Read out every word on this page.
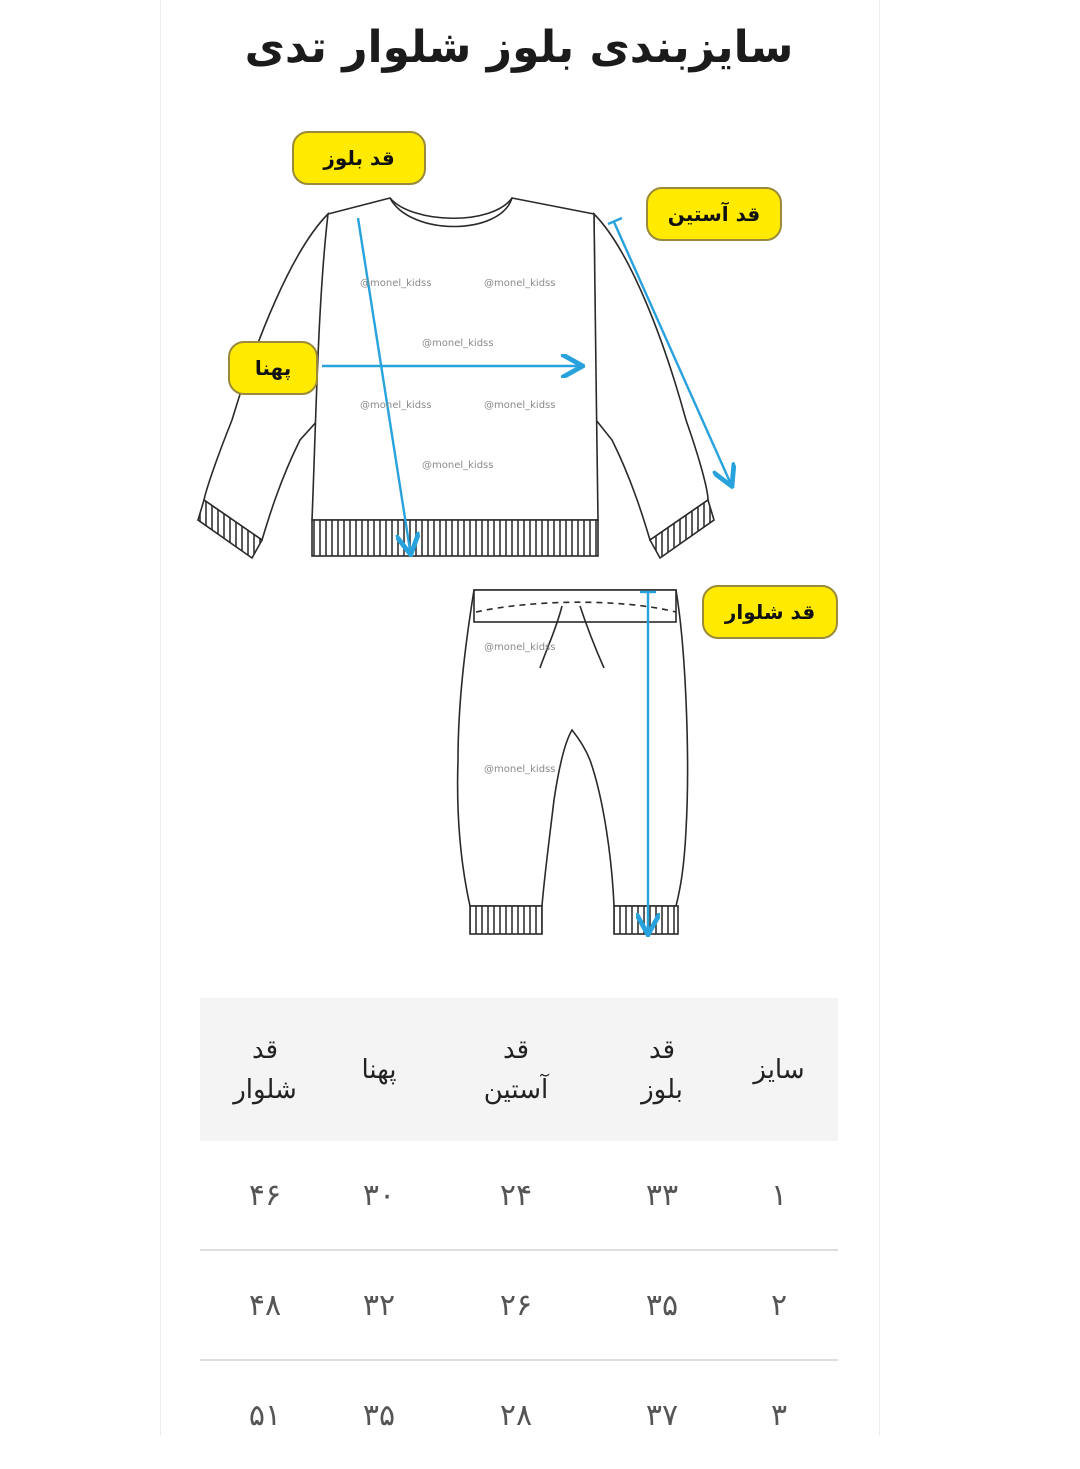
سایزبندی بلوز شلوار تدی
@monel_kidss	@monel_kidss
@monel_kidss
@monel_kidss	@monel_kidss
@monel_kidss
@monel_kidss
@monel_kidss
قد بلوز
قد آستین
پهنا
قد شلوار
سایز
قد
بلوز
قد
آستین
پهنا
قد
شلوار
۱
۳۳
۲۴
۳۰
۴۶
۲
۳۵
۲۶
۳۲
۴۸
۳
۳۷
۲۸
۳۵
۵۱
